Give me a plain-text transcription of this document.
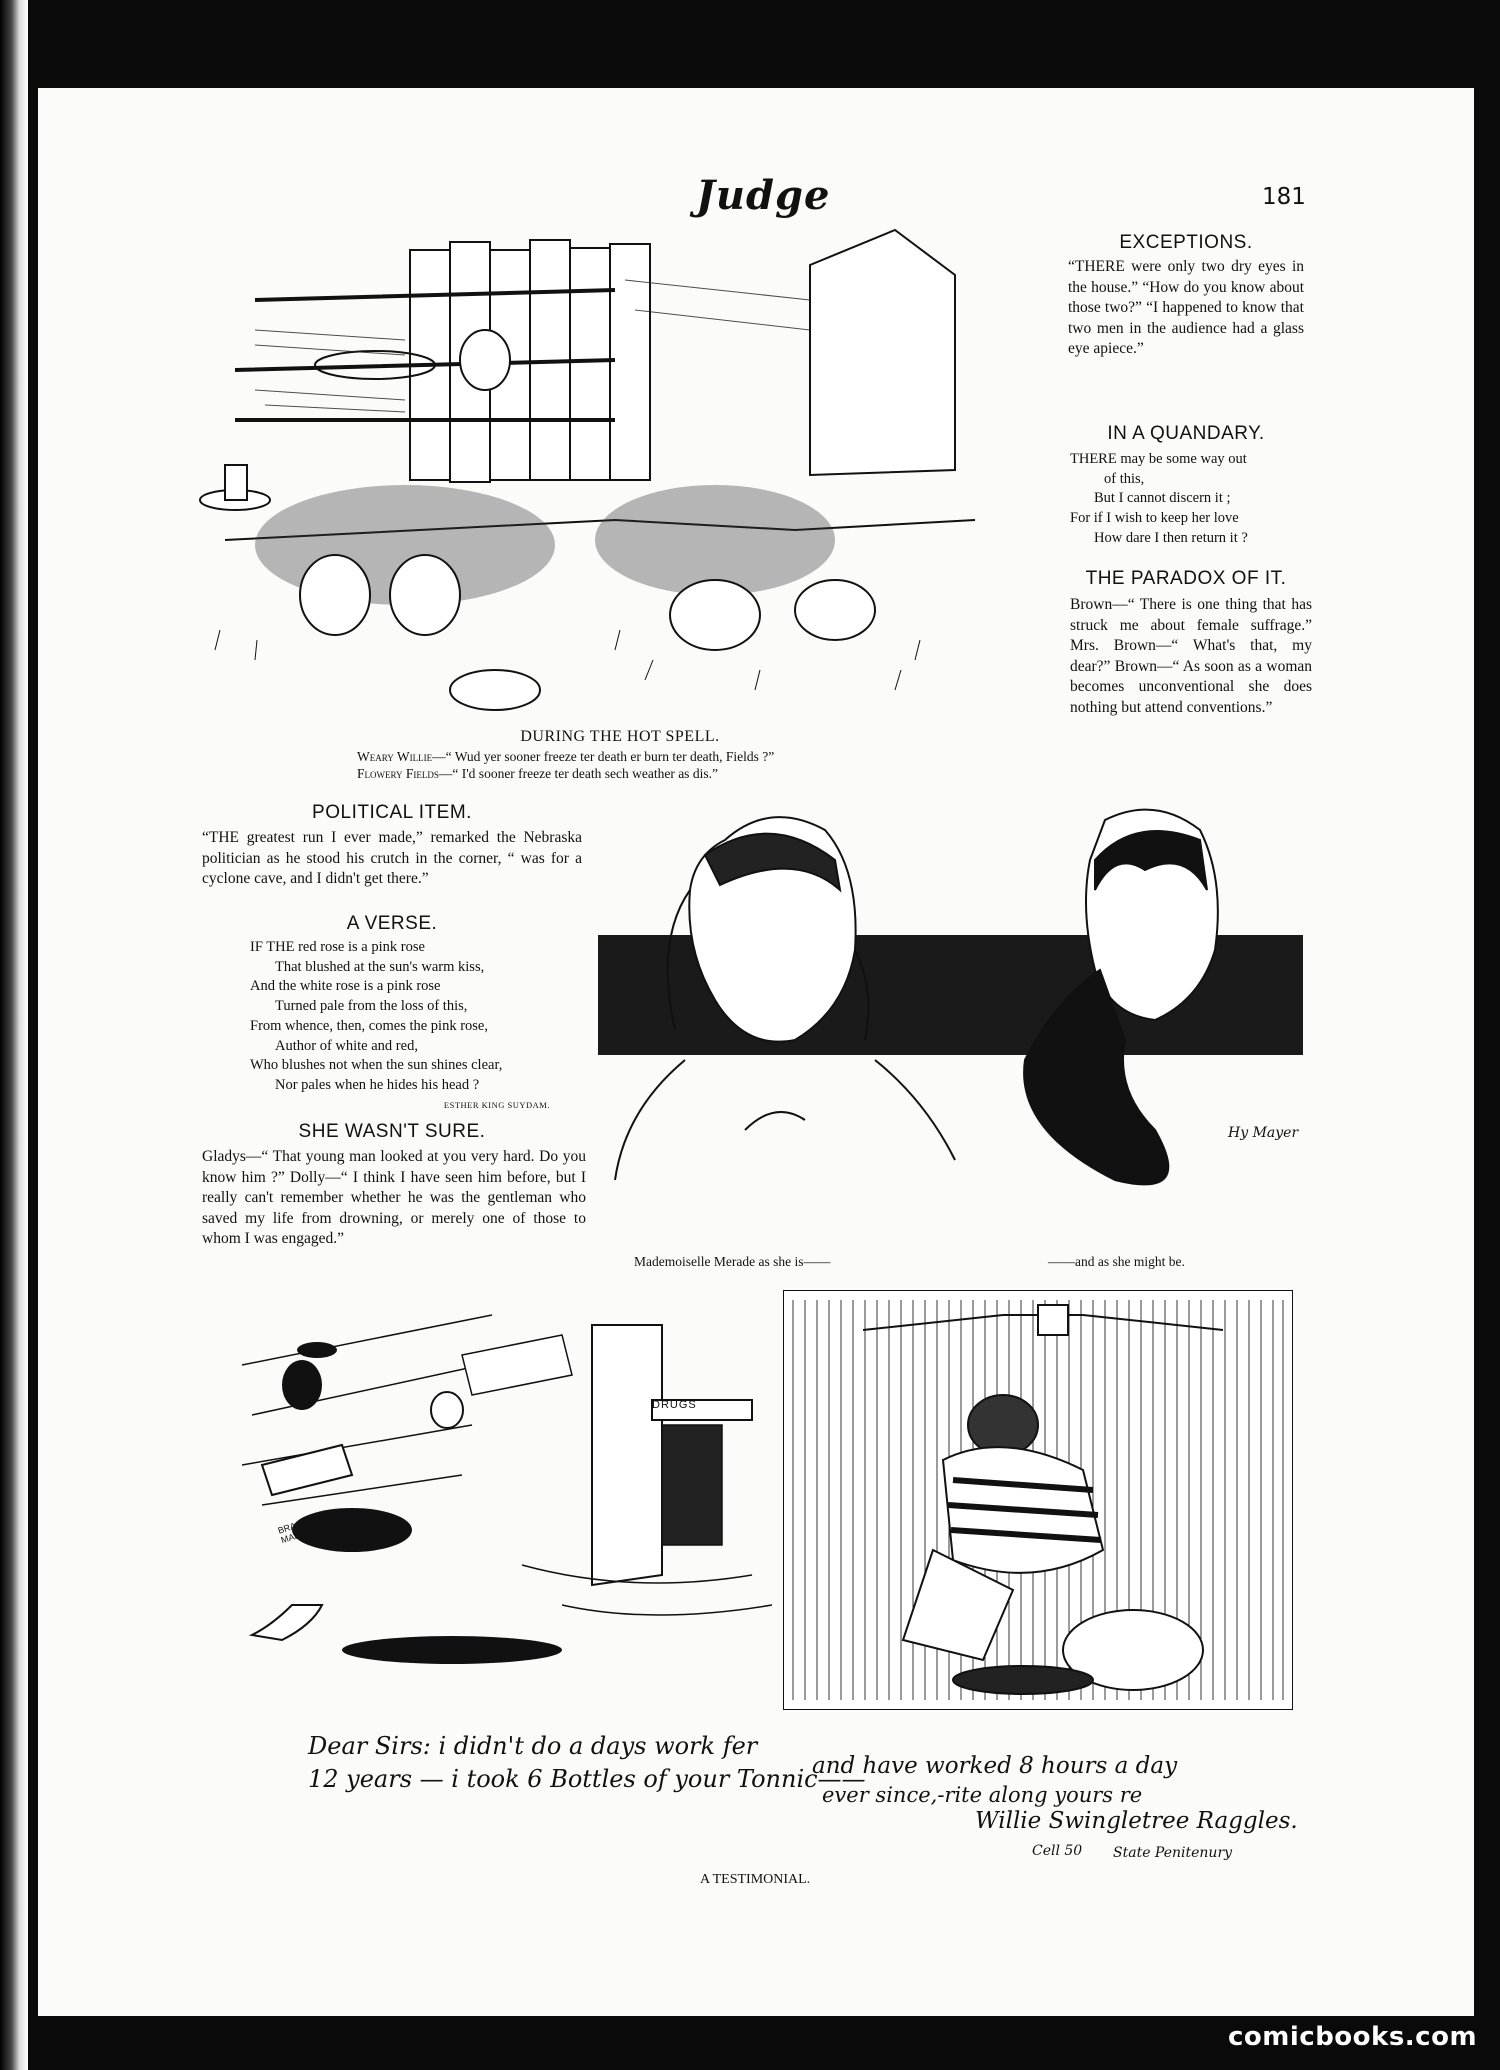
Judge	181
DURING THE HOT SPELL.
Weary Willie—“ Wud yer sooner freeze ter death er burn ter death, Fields ?”
Flowery Fields—“ I'd sooner freeze ter death sech weather as dis.”
EXCEPTIONS.
“THERE were only two dry eyes in the house.” “How do you know about those two?” “I happened to know that two men in the audience had a glass eye apiece.”
IN A QUANDARY.
THERE may be some way out
of this,
But I cannot discern it ;
For if I wish to keep her love
How dare I then return it ?
THE PARADOX OF IT.
Brown—“ There is one thing that has struck me about female suffrage.” Mrs. Brown—“ What's that, my dear?” Brown—“ As soon as a woman becomes unconventional she does nothing but attend conventions.”
POLITICAL ITEM.
“THE greatest run I ever made,” remarked the Nebraska politician as he stood his crutch in the corner, “ was for a cyclone cave, and I didn't get there.”
A VERSE.
IF THE red rose is a pink rose
That blushed at the sun's warm kiss,
And the white rose is a pink rose
Turned pale from the loss of this,
From whence, then, comes the pink rose,
Author of white and red,
Who blushes not when the sun shines clear,
Nor pales when he hides his head ?
ESTHER KING SUYDAM.
SHE WASN'T SURE.
Gladys—“ That young man looked at you very hard. Do you know him ?” Dolly—“ I think I have seen him before, but I really can't remember whether he was the gentleman who saved my life from drowning, or merely one of those to whom I was engaged.”
Hy Mayer
Mademoiselle Merade as she is——	——and as she might be.
DRUGS
BRACE-UP MALT-TONIC
Dear Sirs: i didn't do a days work fer
12 years — i took 6 Bottles of your Tonnic——
and have worked 8 hours a day
ever since,-rite along yours re
Willie Swingletree Raggles.
Cell 50 State Penitenury
A TESTIMONIAL.
comicbooks.com
